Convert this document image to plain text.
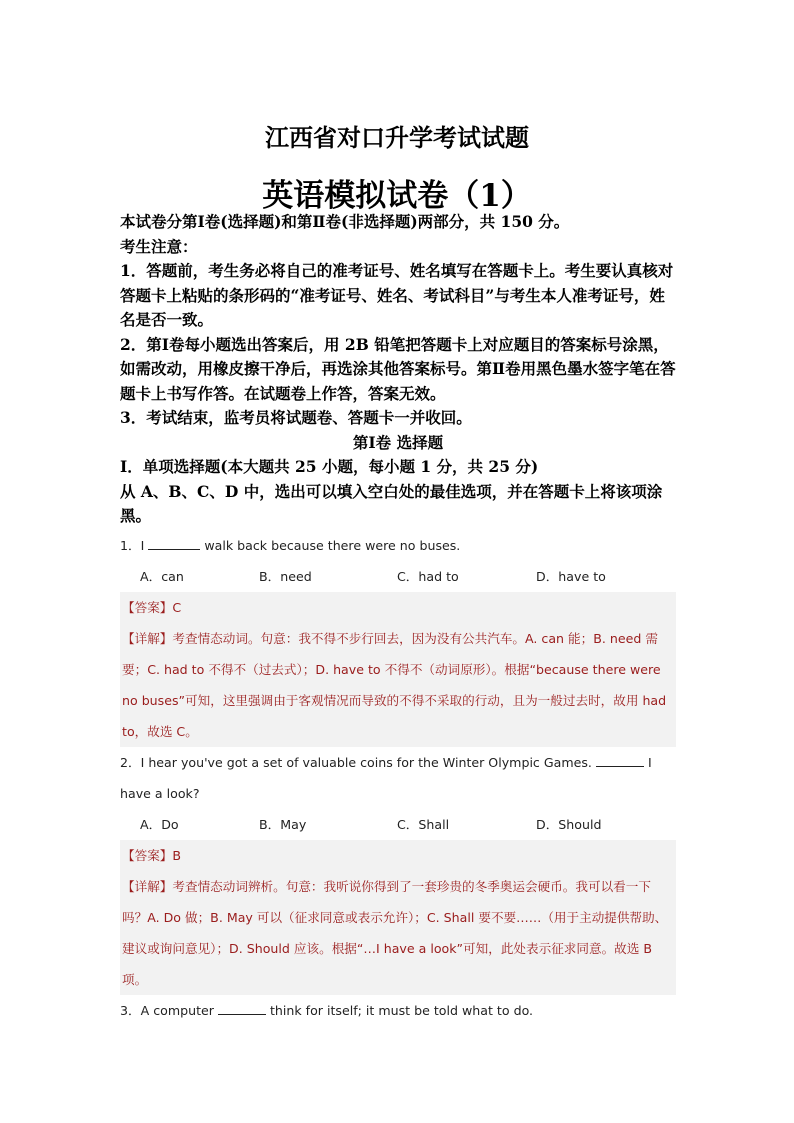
江西省对口升学考试试题
英语模拟试卷（1）

本试卷分第Ⅰ卷(选择题)和第Ⅱ卷(非选择题)两部分，共 150 分。

考生注意：

1．答题前，考生务必将自己的准考证号、姓名填写在答题卡上。考生要认真核对答题卡上粘贴的条形码的“准考证号、姓名、考试科目”与考生本人准考证号，姓名是否一致。

2．第Ⅰ卷每小题选出答案后，用 2B 铅笔把答题卡上对应题目的答案标号涂黑，如需改动，用橡皮擦干净后，再选涂其他答案标号。第Ⅱ卷用黑色墨水签字笔在答题卡上书写作答。在试题卷上作答，答案无效。

3．考试结束，监考员将试题卷、答题卡一并收回。

第Ⅰ卷 选择题

Ⅰ．单项选择题(本大题共 25 小题，每小题 1 分，共 25 分)

从 A、B、C、D 中，选出可以填入空白处的最佳选项，并在答题卡上将该项涂黑。

1．I	walk back because there were no buses.

A．can	B．need	C．had to	D．have to

【答案】C

【详解】考查情态动词。句意：我不得不步行回去，因为没有公共汽车。A. can 能；B. need 需要；C. had to 不得不（过去式）；D. have to 不得不（动词原形）。根据“because there were no buses”可知，这里强调由于客观情况而导致的不得不采取的行动，且为一般过去时，故用 had to，故选 C。

2．I hear you've got a set of valuable coins for the Winter Olympic Games.	I have a look?

A．Do	B．May	C．Shall	D．Should

【答案】B

【详解】考查情态动词辨析。句意：我听说你得到了一套珍贵的冬季奥运会硬币。我可以看一下吗？A. Do 做；B. May 可以（征求同意或表示允许）；C. Shall 要不要……（用于主动提供帮助、建议或询问意见）；D. Should 应该。根据“…I have a look”可知，此处表示征求同意。故选 B 项。

3．A computer	think for itself; it must be told what to do.
